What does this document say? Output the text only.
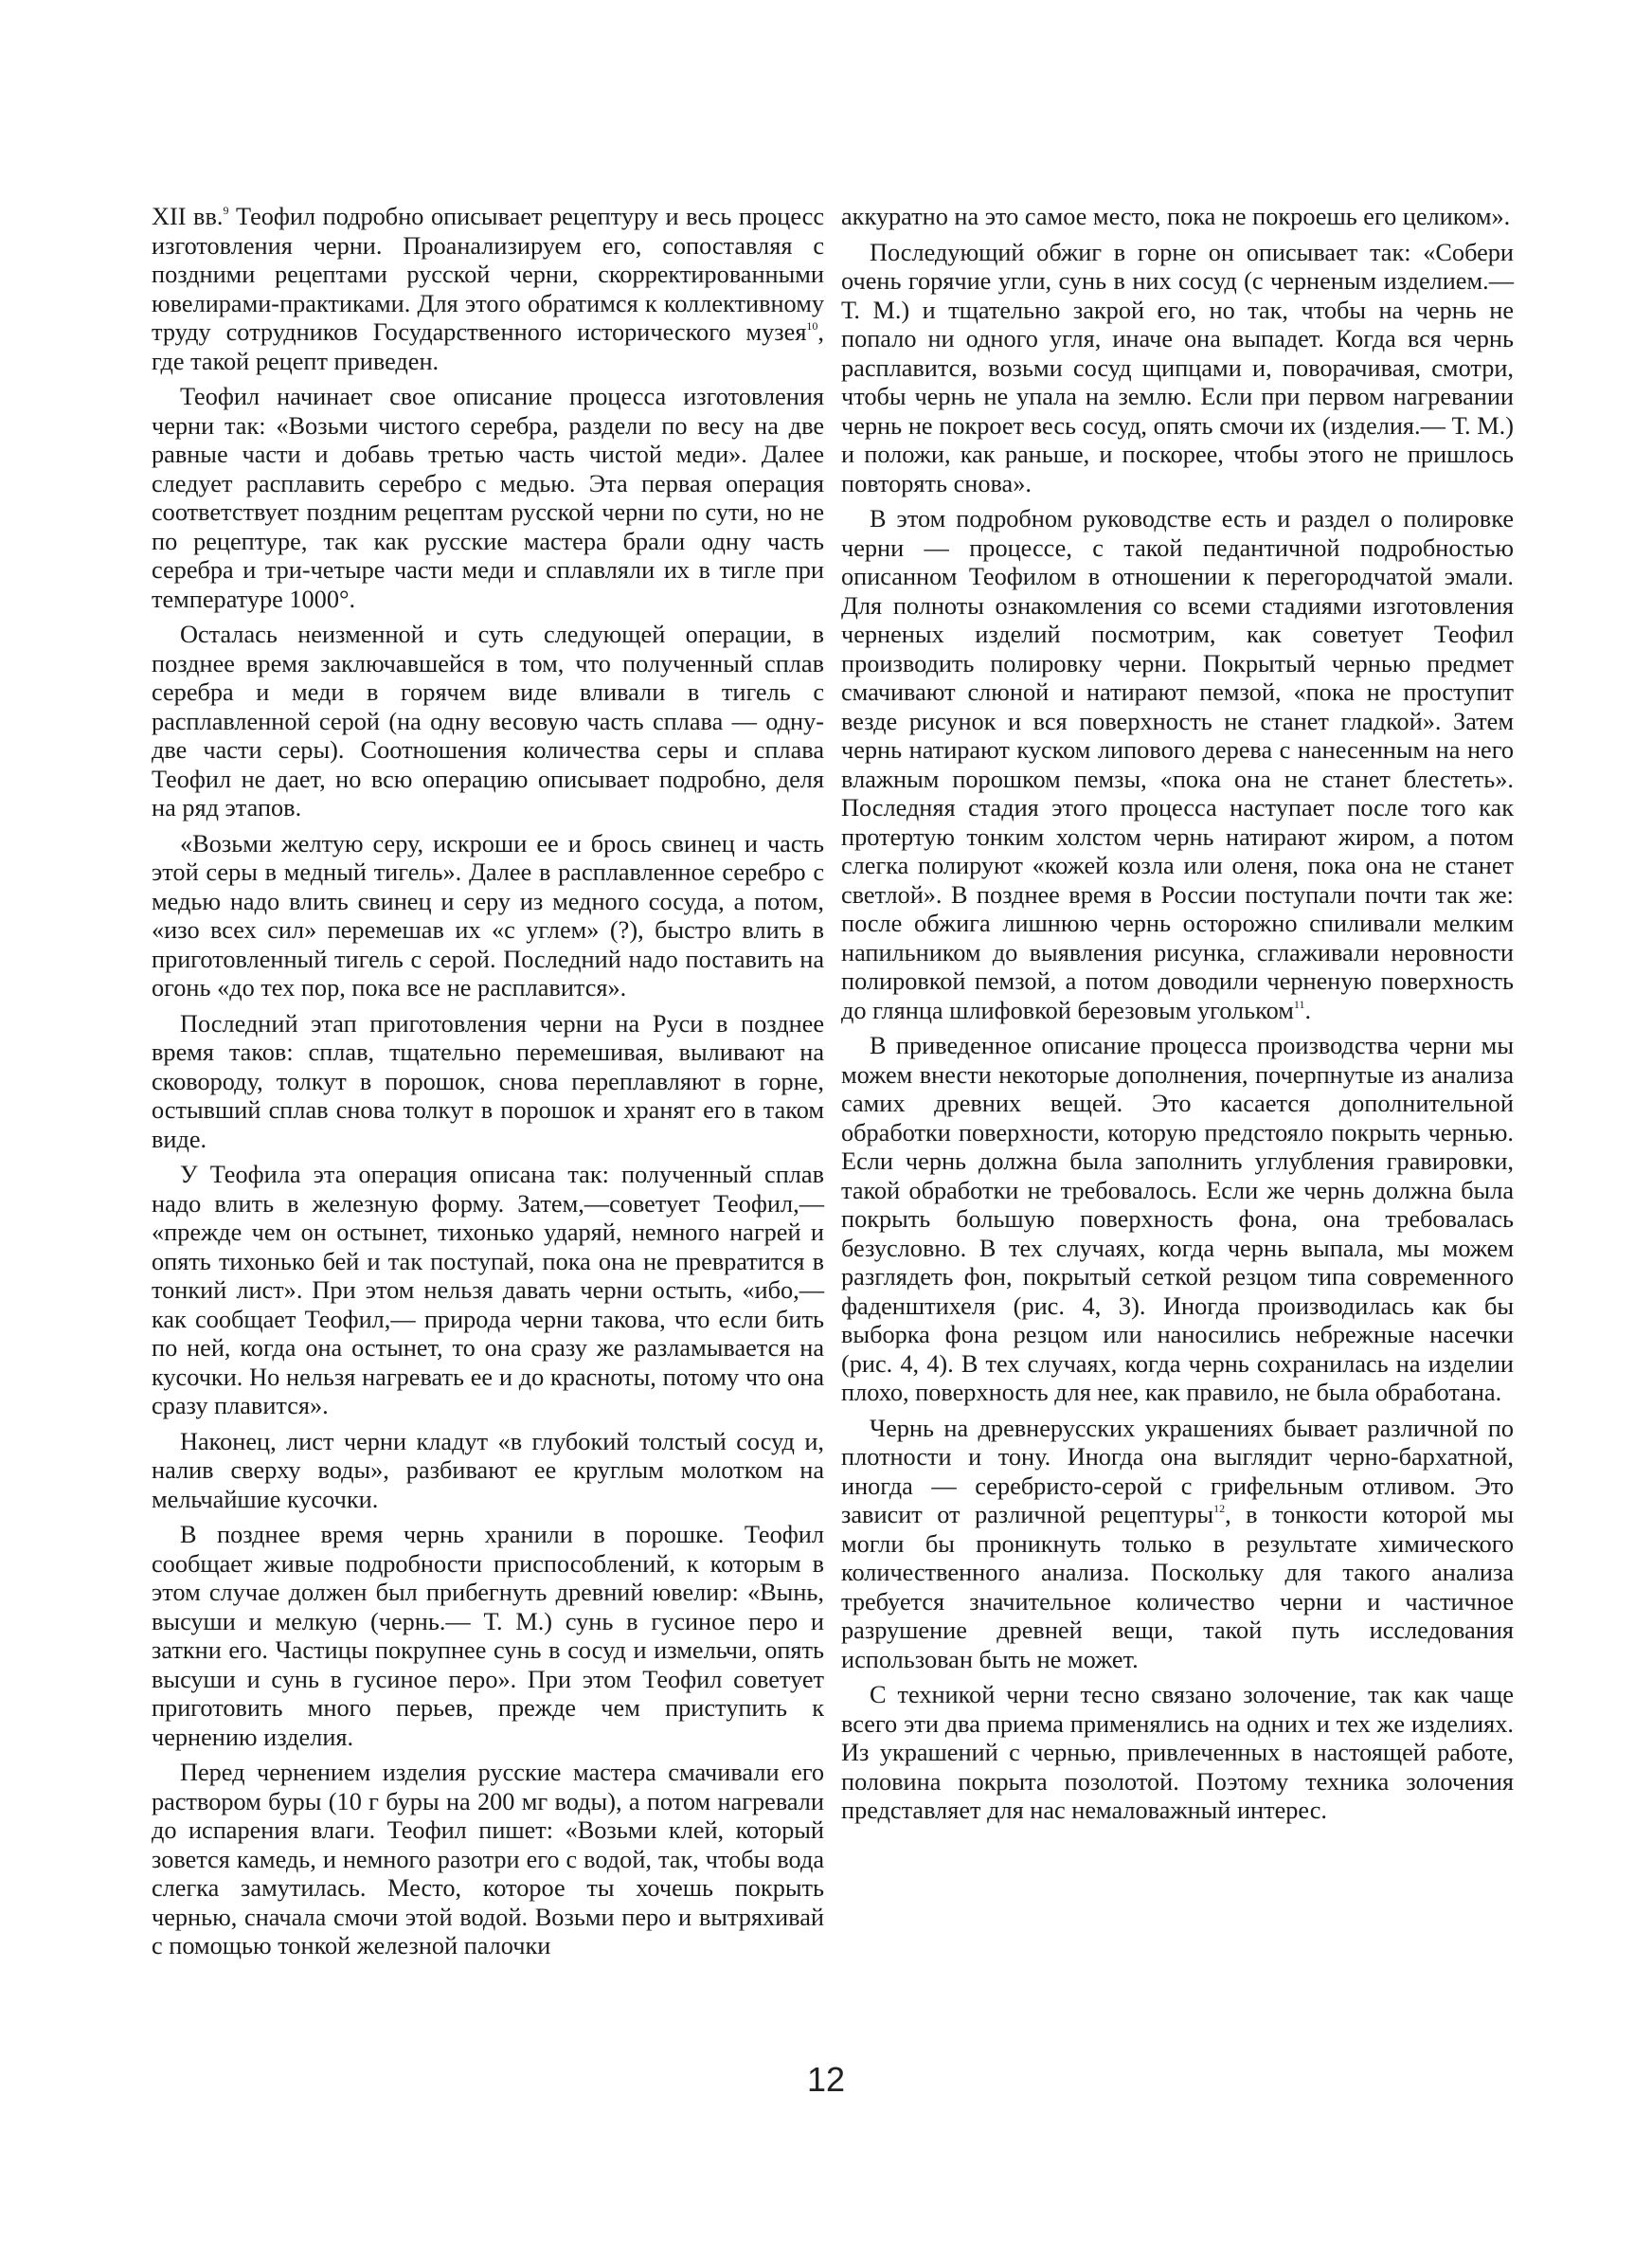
XII вв.$^9$ Теофил подробно описывает рецептуру и весь процесс изготовления черни. Проанализируем его, сопоставляя с поздними рецептами русской черни, скорректированными ювелирами-практиками. Для этого обратимся к коллективному труду сотрудников Государственного исторического музея$^{10}$, где такой рецепт приведен.

Теофил начинает свое описание процесса изготовления черни так: «Возьми чистого серебра, раздели по весу на две равные части и добавь третью часть чистой меди». Далее следует расплавить серебро с медью. Эта первая операция соответствует поздним рецептам русской черни по сути, но не по рецептуре, так как русские мастера брали одну часть серебра и три-четыре части меди и сплавляли их в тигле при температуре 1000°.

Осталась неизменной и суть следующей операции, в позднее время заключавшейся в том, что полученный сплав серебра и меди в горячем виде вливали в тигель с расплавленной серой (на одну весовую часть сплава — одну-две части серы). Соотношения количества серы и сплава Теофил не дает, но всю операцию описывает подробно, деля на ряд этапов.

«Возьми желтую серу, искроши ее и брось свинец и часть этой серы в медный тигель». Далее в расплавленное серебро с медью надо влить свинец и серу из медного сосуда, а потом, «изо всех сил» перемешав их «с углем» (?), быстро влить в приготовленный тигель с серой. Последний надо поставить на огонь «до тех пор, пока все не расплавится».

Последний этап приготовления черни на Руси в позднее время таков: сплав, тщательно перемешивая, выливают на сковороду, толкут в порошок, снова переплавляют в горне, остывший сплав снова толкут в порошок и хранят его в таком виде.

У Теофила эта операция описана так: полученный сплав надо влить в железную форму. Затем,—советует Теофил,— «прежде чем он остынет, тихонько ударяй, немного нагрей и опять тихонько бей и так поступай, пока она не превратится в тонкий лист». При этом нельзя давать черни остыть, «ибо,— как сообщает Теофил,— природа черни такова, что если бить по ней, когда она остынет, то она сразу же разламывается на кусочки. Но нельзя нагревать ее и до красноты, потому что она сразу плавится».

Наконец, лист черни кладут «в глубокий толстый сосуд и, налив сверху воды», разбивают ее круглым молотком на мельчайшие кусочки.

В позднее время чернь хранили в порошке. Теофил сообщает живые подробности приспособлений, к которым в этом случае должен был прибегнуть древний ювелир: «Вынь, высуши и мелкую (чернь.— Т. М.) сунь в гусиное перо и заткни его. Частицы покрупнее сунь в сосуд и измельчи, опять высуши и сунь в гусиное перо». При этом Теофил советует приготовить много перьев, прежде чем приступить к чернению изделия.

Перед чернением изделия русские мастера смачивали его раствором буры (10 г буры на 200 мг воды), а потом нагревали до испарения влаги. Теофил пишет: «Возьми клей, который зовется камедь, и немного разотри его с водой, так, чтобы вода слегка замутилась. Место, которое ты хочешь покрыть чернью, сначала смочи этой водой. Возьми перо и вытряхивай с помощью тонкой железной палочки

аккуратно на это самое место, пока не покроешь его целиком».

Последующий обжиг в горне он описывает так: «Собери очень горячие угли, сунь в них сосуд (с черненым изделием.— Т. М.) и тщательно закрой его, но так, чтобы на чернь не попало ни одного угля, иначе она выпадет. Когда вся чернь расплавится, возьми сосуд щипцами и, поворачивая, смотри, чтобы чернь не упала на землю. Если при первом нагревании чернь не покроет весь сосуд, опять смочи их (изделия.— Т. М.) и положи, как раньше, и поскорее, чтобы этого не пришлось повторять снова».

В этом подробном руководстве есть и раздел о полировке черни — процессе, с такой педантичной подробностью описанном Теофилом в отношении к перегородчатой эмали. Для полноты ознакомления со всеми стадиями изготовления черненых изделий посмотрим, как советует Теофил производить полировку черни. Покрытый чернью предмет смачивают слюной и натирают пемзой, «пока не проступит везде рисунок и вся поверхность не станет гладкой». Затем чернь натирают куском липового дерева с нанесенным на него влажным порошком пемзы, «пока она не станет блестеть». Последняя стадия этого процесса наступает после того как протертую тонким холстом чернь натирают жиром, а потом слегка полируют «кожей козла или оленя, пока она не станет светлой». В позднее время в России поступали почти так же: после обжига лишнюю чернь осторожно спиливали мелким напильником до выявления рисунка, сглаживали неровности полировкой пемзой, а потом доводили черненую поверхность до глянца шлифовкой березовым угольком$^{11}$.

В приведенное описание процесса производства черни мы можем внести некоторые дополнения, почерпнутые из анализа самих древних вещей. Это касается дополнительной обработки поверхности, которую предстояло покрыть чернью. Если чернь должна была заполнить углубления гравировки, такой обработки не требовалось. Если же чернь должна была покрыть большую поверхность фона, она требовалась безусловно. В тех случаях, когда чернь выпала, мы можем разглядеть фон, покрытый сеткой резцом типа современного фаденштихеля (рис. 4, 3). Иногда производилась как бы выборка фона резцом или наносились небрежные насечки (рис. 4, 4). В тех случаях, когда чернь сохранилась на изделии плохо, поверхность для нее, как правило, не была обработана.

Чернь на древнерусских украшениях бывает различной по плотности и тону. Иногда она выглядит черно-бархатной, иногда — серебристо-серой с грифельным отливом. Это зависит от различной рецептуры$^{12}$, в тонкости которой мы могли бы проникнуть только в результате химического количественного анализа. Поскольку для такого анализа требуется значительное количество черни и частичное разрушение древней вещи, такой путь исследования использован быть не может.

С техникой черни тесно связано золочение, так как чаще всего эти два приема применялись на одних и тех же изделиях. Из украшений с чернью, привлеченных в настоящей работе, половина покрыта позолотой. Поэтому техника золочения представляет для нас немаловажный интерес.

12
